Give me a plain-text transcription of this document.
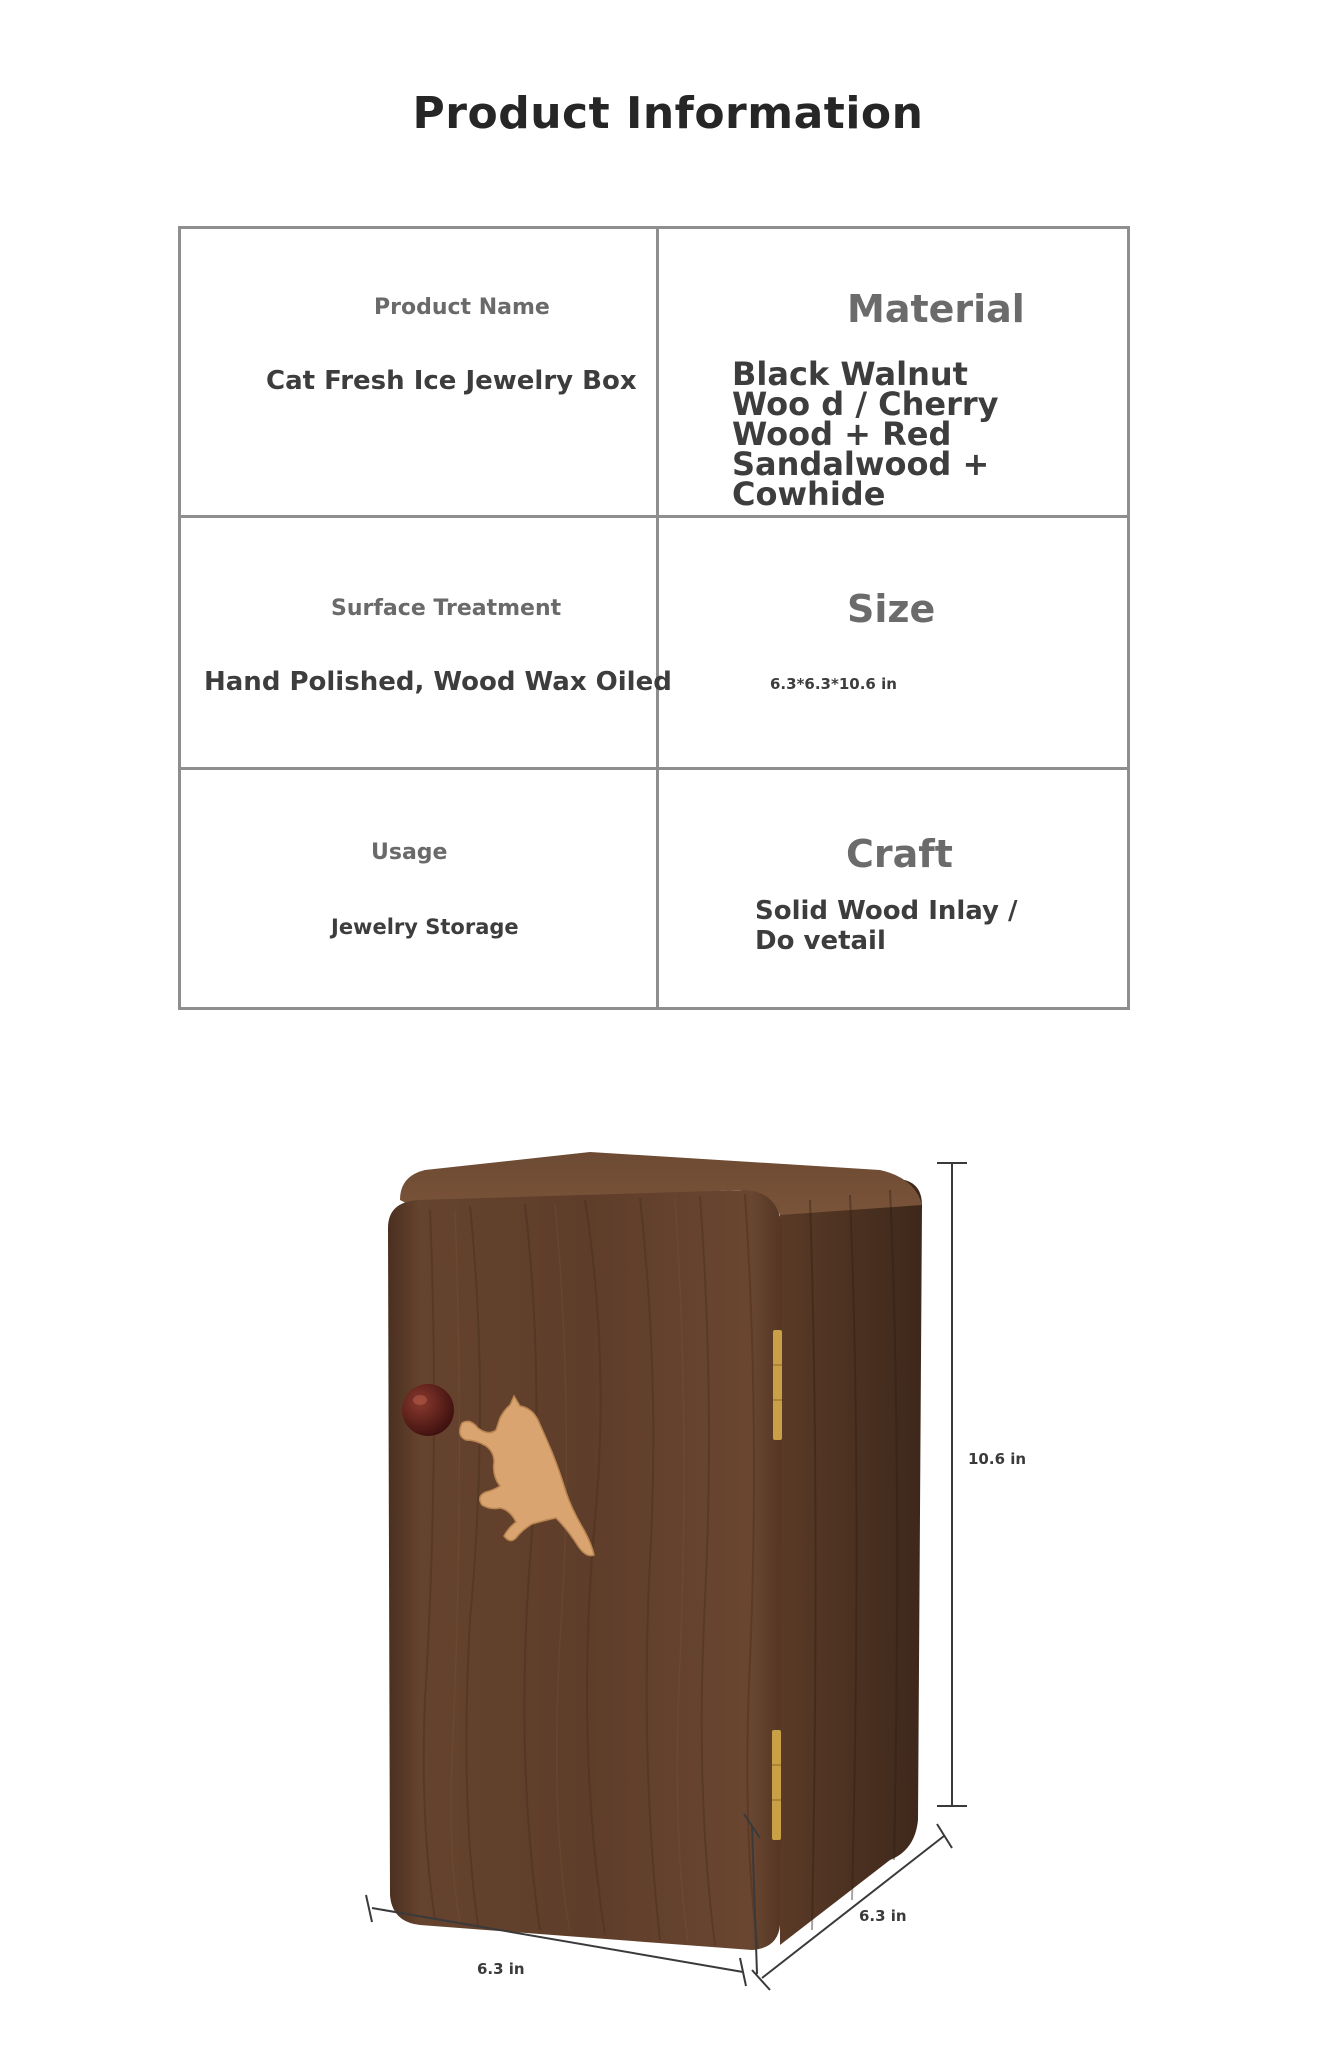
Product Information
Product Name
Cat Fresh Ice Jewelry Box
Material
Black Walnut Woo d / Cherry Wood + Red Sandalwood + Cowhide
Surface Treatment
Hand Polished, Wood Wax Oiled
Size
6.3*6.3*10.6 in
Usage
Jewelry Storage
Craft
Solid Wood Inlay / Do vetail
10.6 in
6.3 in
6.3 in
